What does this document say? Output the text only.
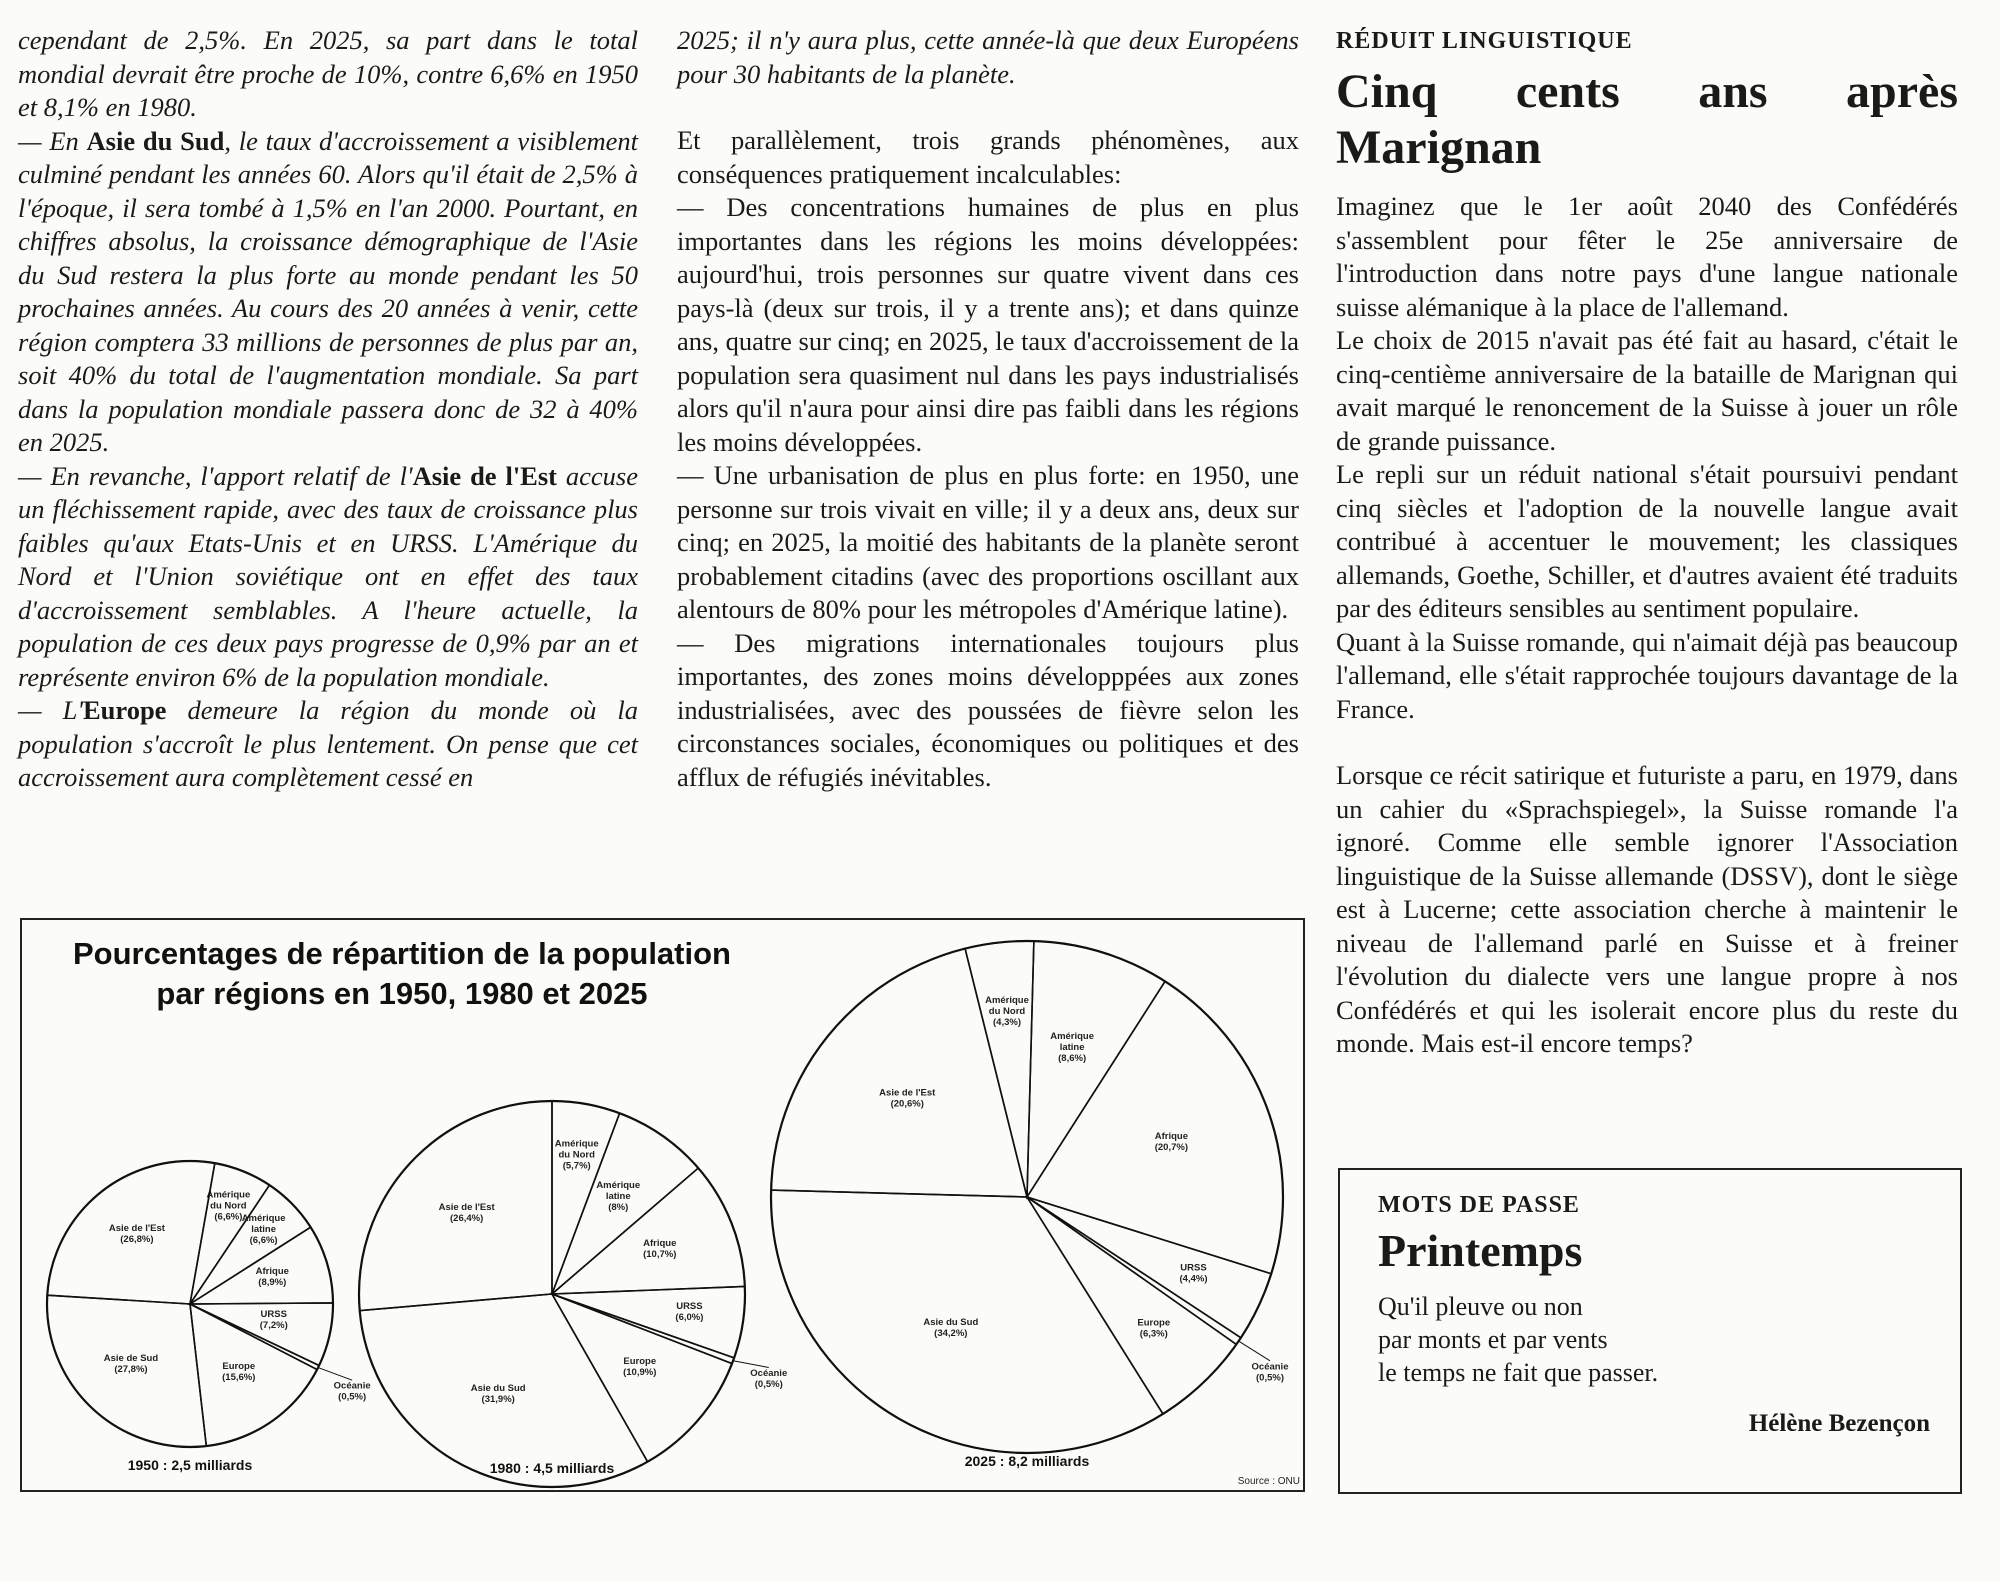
cependant de 2,5%. En 2025, sa part dans le total mondial devrait être proche de 10%, contre 6,6% en 1950 et 8,1% en 1980.

— En Asie du Sud, le taux d'accroissement a visiblement culminé pendant les années 60. Alors qu'il était de 2,5% à l'époque, il sera tombé à 1,5% en l'an 2000. Pourtant, en chiffres absolus, la croissance démographique de l'Asie du Sud restera la plus forte au monde pendant les 50 prochaines années. Au cours des 20 années à venir, cette région comptera 33 millions de personnes de plus par an, soit 40% du total de l'augmentation mondiale. Sa part dans la population mondiale passera donc de 32 à 40% en 2025.

— En revanche, l'apport relatif de l'Asie de l'Est accuse un fléchissement rapide, avec des taux de croissance plus faibles qu'aux Etats-Unis et en URSS. L'Amérique du Nord et l'Union soviétique ont en effet des taux d'accroissement semblables. A l'heure actuelle, la population de ces deux pays progresse de 0,9% par an et représente environ 6% de la population mondiale.

— L'Europe demeure la région du monde où la population s'accroît le plus lentement. On pense que cet accroissement aura complètement cessé en

2025; il n'y aura plus, cette année-là que deux Européens pour 30 habitants de la planète.

Et parallèlement, trois grands phénomènes, aux conséquences pratiquement incalculables:

— Des concentrations humaines de plus en plus importantes dans les régions les moins développées: aujourd'hui, trois personnes sur quatre vivent dans ces pays-là (deux sur trois, il y a trente ans); et dans quinze ans, quatre sur cinq; en 2025, le taux d'accroissement de la population sera quasiment nul dans les pays industrialisés alors qu'il n'aura pour ainsi dire pas faibli dans les régions les moins développées.

— Une urbanisation de plus en plus forte: en 1950, une personne sur trois vivait en ville; il y a deux ans, deux sur cinq; en 2025, la moitié des habitants de la planète seront probablement citadins (avec des proportions oscillant aux alentours de 80% pour les métropoles d'Amérique latine).

— Des migrations internationales toujours plus importantes, des zones moins développpées aux zones industrialisées, avec des poussées de fièvre selon les circonstances sociales, économiques ou politiques et des afflux de réfugiés inévitables.

RÉDUIT LINGUISTIQUE
Cinq cents ans après Marignan

Imaginez que le 1er août 2040 des Confédérés s'assemblent pour fêter le 25e anniversaire de l'introduction dans notre pays d'une langue nationale suisse alémanique à la place de l'allemand.

Le choix de 2015 n'avait pas été fait au hasard, c'était le cinq-centième anniversaire de la bataille de Marignan qui avait marqué le renoncement de la Suisse à jouer un rôle de grande puissance.

Le repli sur un réduit national s'était poursuivi pendant cinq siècles et l'adoption de la nouvelle langue avait contribué à accentuer le mouvement; les classiques allemands, Goethe, Schiller, et d'autres avaient été traduits par des éditeurs sensibles au sentiment populaire.

Quant à la Suisse romande, qui n'aimait déjà pas beaucoup l'allemand, elle s'était rapprochée toujours davantage de la France.

Lorsque ce récit satirique et futuriste a paru, en 1979, dans un cahier du «Sprachspiegel», la Suisse romande l'a ignoré. Comme elle semble ignorer l'Association linguistique de la Suisse allemande (DSSV), dont le siège est à Lucerne; cette association cherche à maintenir le niveau de l'allemand parlé en Suisse et à freiner l'évolution du dialecte vers une langue propre à nos Confédérés et qui les isolerait encore plus du reste du monde. Mais est-il encore temps?

Pourcentages de répartition de la population
par régions en 1950, 1980 et 2025
Amérique du Nord (6,6%) Amérique latine (6,6%)
Afrique (8,9%)
URSS (7,2%)
Océanie (0,5%)
Europe (15,6%)
Asie de Sud (27,8%)
Asie de l'Est (26,8%)
1950 : 2,5 milliards
Amérique du Nord (5,7%)
Amérique latine (8%)
Afrique (10,7%)
URSS (6,0%)
Océanie (0,5%)
Europe (10,9%)
Asie du Sud (31,9%)
Asie de l'Est (26,4%)
1980 : 4,5 milliards
Amérique du Nord (4,3%)
Amérique latine (8,6%)
Afrique (20,7%)
URSS (4,4%)
Océanie (0,5%)
Europe (6,3%)
Asie du Sud (34,2%)
Asie de l'Est (20,6%)
2025 : 8,2 milliards
Source : ONU
MOTS DE PASSE
Printemps
Qu'il pleuve ou non
par monts et par vents
le temps ne fait que passer.
Hélène Bezençon
